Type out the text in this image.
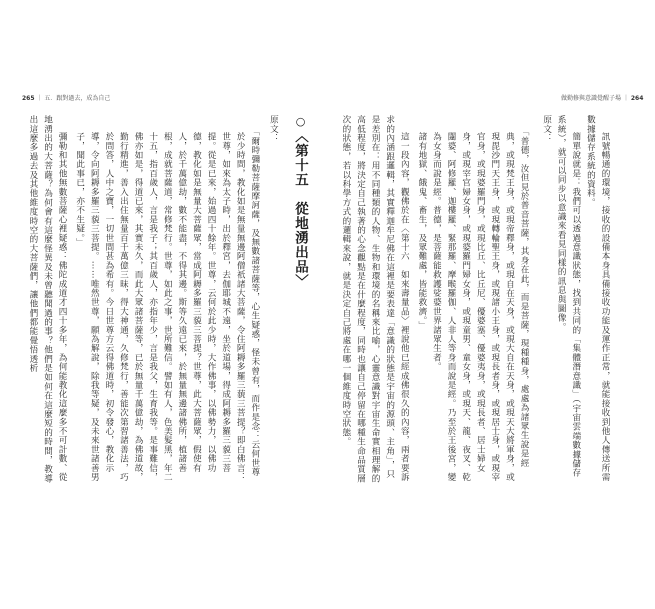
265 ｜ 五．跟對過去，成為自己	做勤修與意識覺醒子場 ｜ 264

訊號暢通的環境，接收的設備本身具備接收功能及運作正常，就能接收到他人傳送所需數據儲存系統的資料。

簡單說就是：我們可以透過意識狀態，找到共同的「集體潛意識」（宇宙雲端數據儲存系統），就可以同步以意識來看見同樣的訊息與圖像。

原文：

「普德，汝但見於普音菩薩，其身在此，而是菩薩，現種種身，處處為諸眾生說是經典，或現梵王身，或現帝釋身，或現自在天身，或現大自在天身，或現天大將軍身，或現毘沙門天王身，或現轉輪聖王身，或現諸小王身，或現長者身，或現居士身，或現宰官身，或現婆羅門身，或現比丘、比丘尼、優婆塞、優婆夷身，或現長者、居士婦女身，或現宰官婦女身，或現婆羅門婦女身，或現童男、童女身，或現天、龍、夜叉、乾闥婆、阿修羅、迦樓羅、緊那羅、摩睺羅伽、人非人等身而說是經。乃至於王後宮，變為女身而說是經。普德，是菩薩能救護娑婆世界諸眾生者。

諸有地獄、餓鬼、畜生，及眾難處，皆能救濟。」

這一段內容，觀佛於在〈第十六　如來壽量品〉裡說他已經成佛很久的內容，兩者要訴求的內涵跟邏輯，其實釋迦牟尼佛在這裡是要表達「意識的狀態是宇宙的源頭、主角」，只是差別在：用不同種類的人物、生物和環境的名稱來比喻，心靈意識對宇宙生命實相理解的高低程度，將決定自己執著的心念觀點是在什麼程度，同時也讓自己停留在哪種生命品質層次的狀態，若以科學方式的邏輯來說，就是決定自己將處在哪一個維度時空狀態。

○〈第十五　從地湧出品〉

原文：

「爾時彌勒菩薩摩訶薩，及無數諸菩薩等，心生疑惑，怪未曾有，而作是念：云何世尊於少時間，教化如是無量無邊阿僧祇諸大菩薩，令住阿耨多羅三藐三菩提？即白佛言：世尊，如來為太子時，出於釋宮，去伽耶城不遠，坐於道場，得成阿耨多羅三藐三菩提。從是已來，始過四十餘年。世尊，云何於此少時，大作佛事，以佛勢力，以佛功德，教化如是無量大菩薩眾，當成阿耨多羅三藐三菩提？世尊，此大菩薩眾，假使有人，於千萬億劫，數不能盡，不得其邊。斯等久遠已來，於無量無邊諸佛所，植諸善根，成就菩薩道，常修梵行。世尊，如此之事，世所難信。譬如有人，色美髮黑，年二十五，指百歲人，言是我子；其百歲人，亦指年少，言是我父，生育我等。是事難信，佛亦如是，得道已來，其實未久，而此大眾諸菩薩等，已於無量千萬億劫，為佛道故，勤行精進，善入出住無量百千萬億三昧，得大神通，久修梵行，善能次第習諸善法，巧於問答，人中之寶，一切世間甚為希有。今日世尊方云得佛道時，初令發心，教化示導，令向阿耨多羅三藐三菩提。……唯然世尊，願為解說，除我等疑，及未來世諸善男子，聞此事已，亦不生疑。」

彌勒和其他無數菩薩心裡疑惑：佛陀成道才四十多年，為何能教化這麼多不可計數、從地湧出的大菩薩？為何會有這麼怪異及未曾聽聞過的事？他們是如何在這麼短的時間，教導出這麼多過去及其他維度時空的大菩薩們，讓他們都能覺悟透析
